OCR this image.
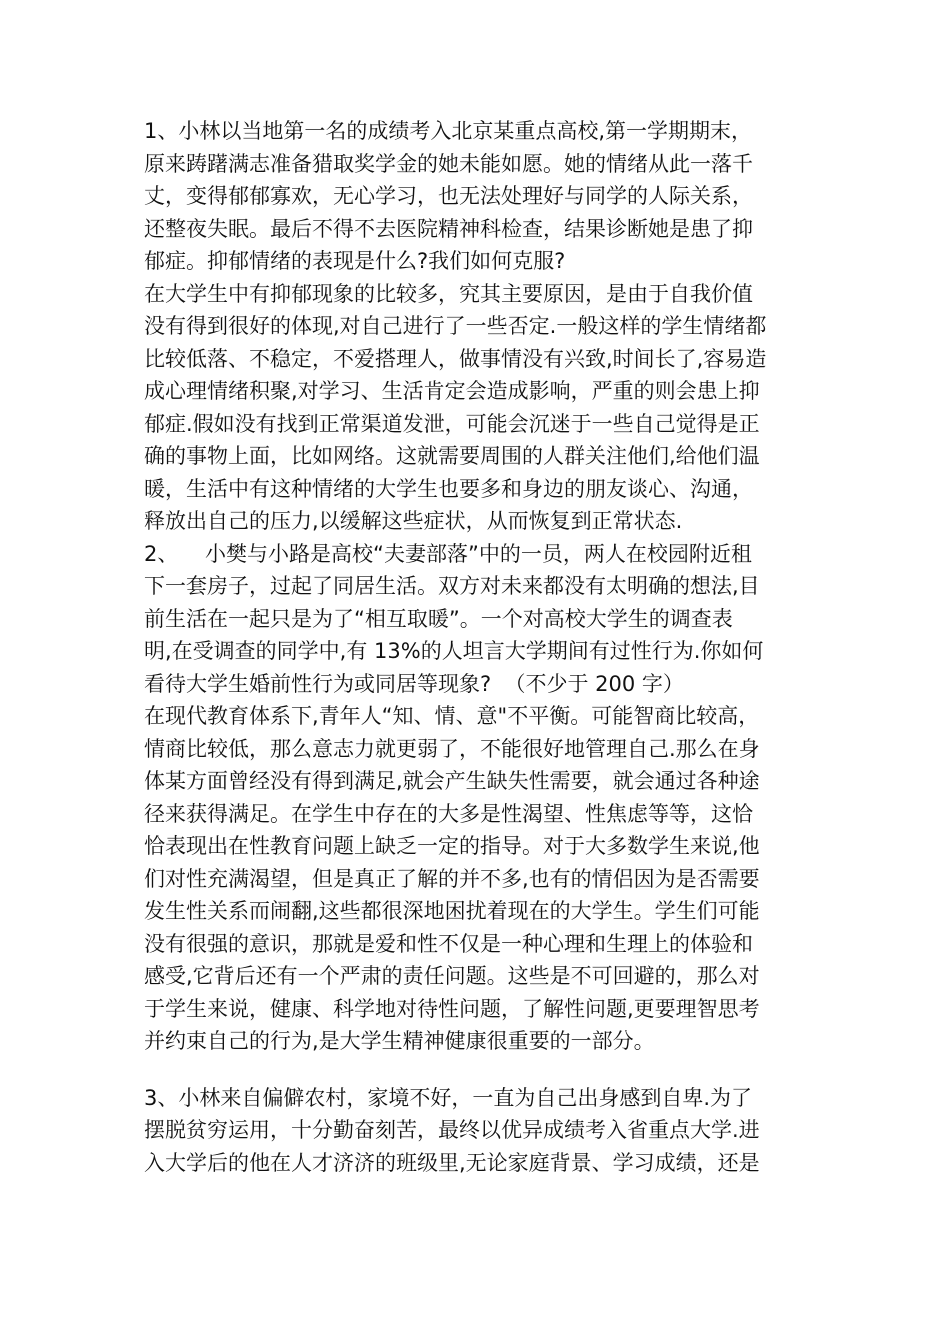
1、小林以当地第一名的成绩考入北京某重点高校,第一学期期末，
原来踌躇满志准备猎取奖学金的她未能如愿。她的情绪从此一落千
丈，变得郁郁寡欢，无心学习，也无法处理好与同学的人际关系，
还整夜失眠。最后不得不去医院精神科检查，结果诊断她是患了抑
郁症。抑郁情绪的表现是什么?我们如何克服?
在大学生中有抑郁现象的比较多，究其主要原因，是由于自我价值
没有得到很好的体现,对自己进行了一些否定.一般这样的学生情绪都
比较低落、不稳定，不爱搭理人，做事情没有兴致,时间长了,容易造
成心理情绪积聚,对学习、生活肯定会造成影响，严重的则会患上抑
郁症.假如没有找到正常渠道发泄，可能会沉迷于一些自己觉得是正
确的事物上面，比如网络。这就需要周围的人群关注他们,给他们温
暖，生活中有这种情绪的大学生也要多和身边的朋友谈心、沟通，
释放出自己的压力,以缓解这些症状，从而恢复到正常状态.
2、    小樊与小路是高校“夫妻部落”中的一员，两人在校园附近租
下一套房子，过起了同居生活。双方对未来都没有太明确的想法,目
前生活在一起只是为了“相互取暖”。一个对高校大学生的调查表
明,在受调查的同学中,有 13%的人坦言大学期间有过性行为.你如何
看待大学生婚前性行为或同居等现象?  （不少于 200 字）
在现代教育体系下,青年人“知、情、意"不平衡。可能智商比较高，
情商比较低，那么意志力就更弱了，不能很好地管理自己.那么在身
体某方面曾经没有得到满足,就会产生缺失性需要，就会通过各种途
径来获得满足。在学生中存在的大多是性渴望、性焦虑等等，这恰
恰表现出在性教育问题上缺乏一定的指导。对于大多数学生来说,他
们对性充满渴望，但是真正了解的并不多,也有的情侣因为是否需要
发生性关系而闹翻,这些都很深地困扰着现在的大学生。学生们可能
没有很强的意识，那就是爱和性不仅是一种心理和生理上的体验和
感受,它背后还有一个严肃的责任问题。这些是不可回避的，那么对
于学生来说，健康、科学地对待性问题，了解性问题,更要理智思考
并约束自己的行为,是大学生精神健康很重要的一部分。
3、小林来自偏僻农村，家境不好，一直为自己出身感到自卑.为了
摆脱贫穷运用，十分勤奋刻苦，最终以优异成绩考入省重点大学.进
入大学后的他在人才济济的班级里,无论家庭背景、学习成绩，还是
